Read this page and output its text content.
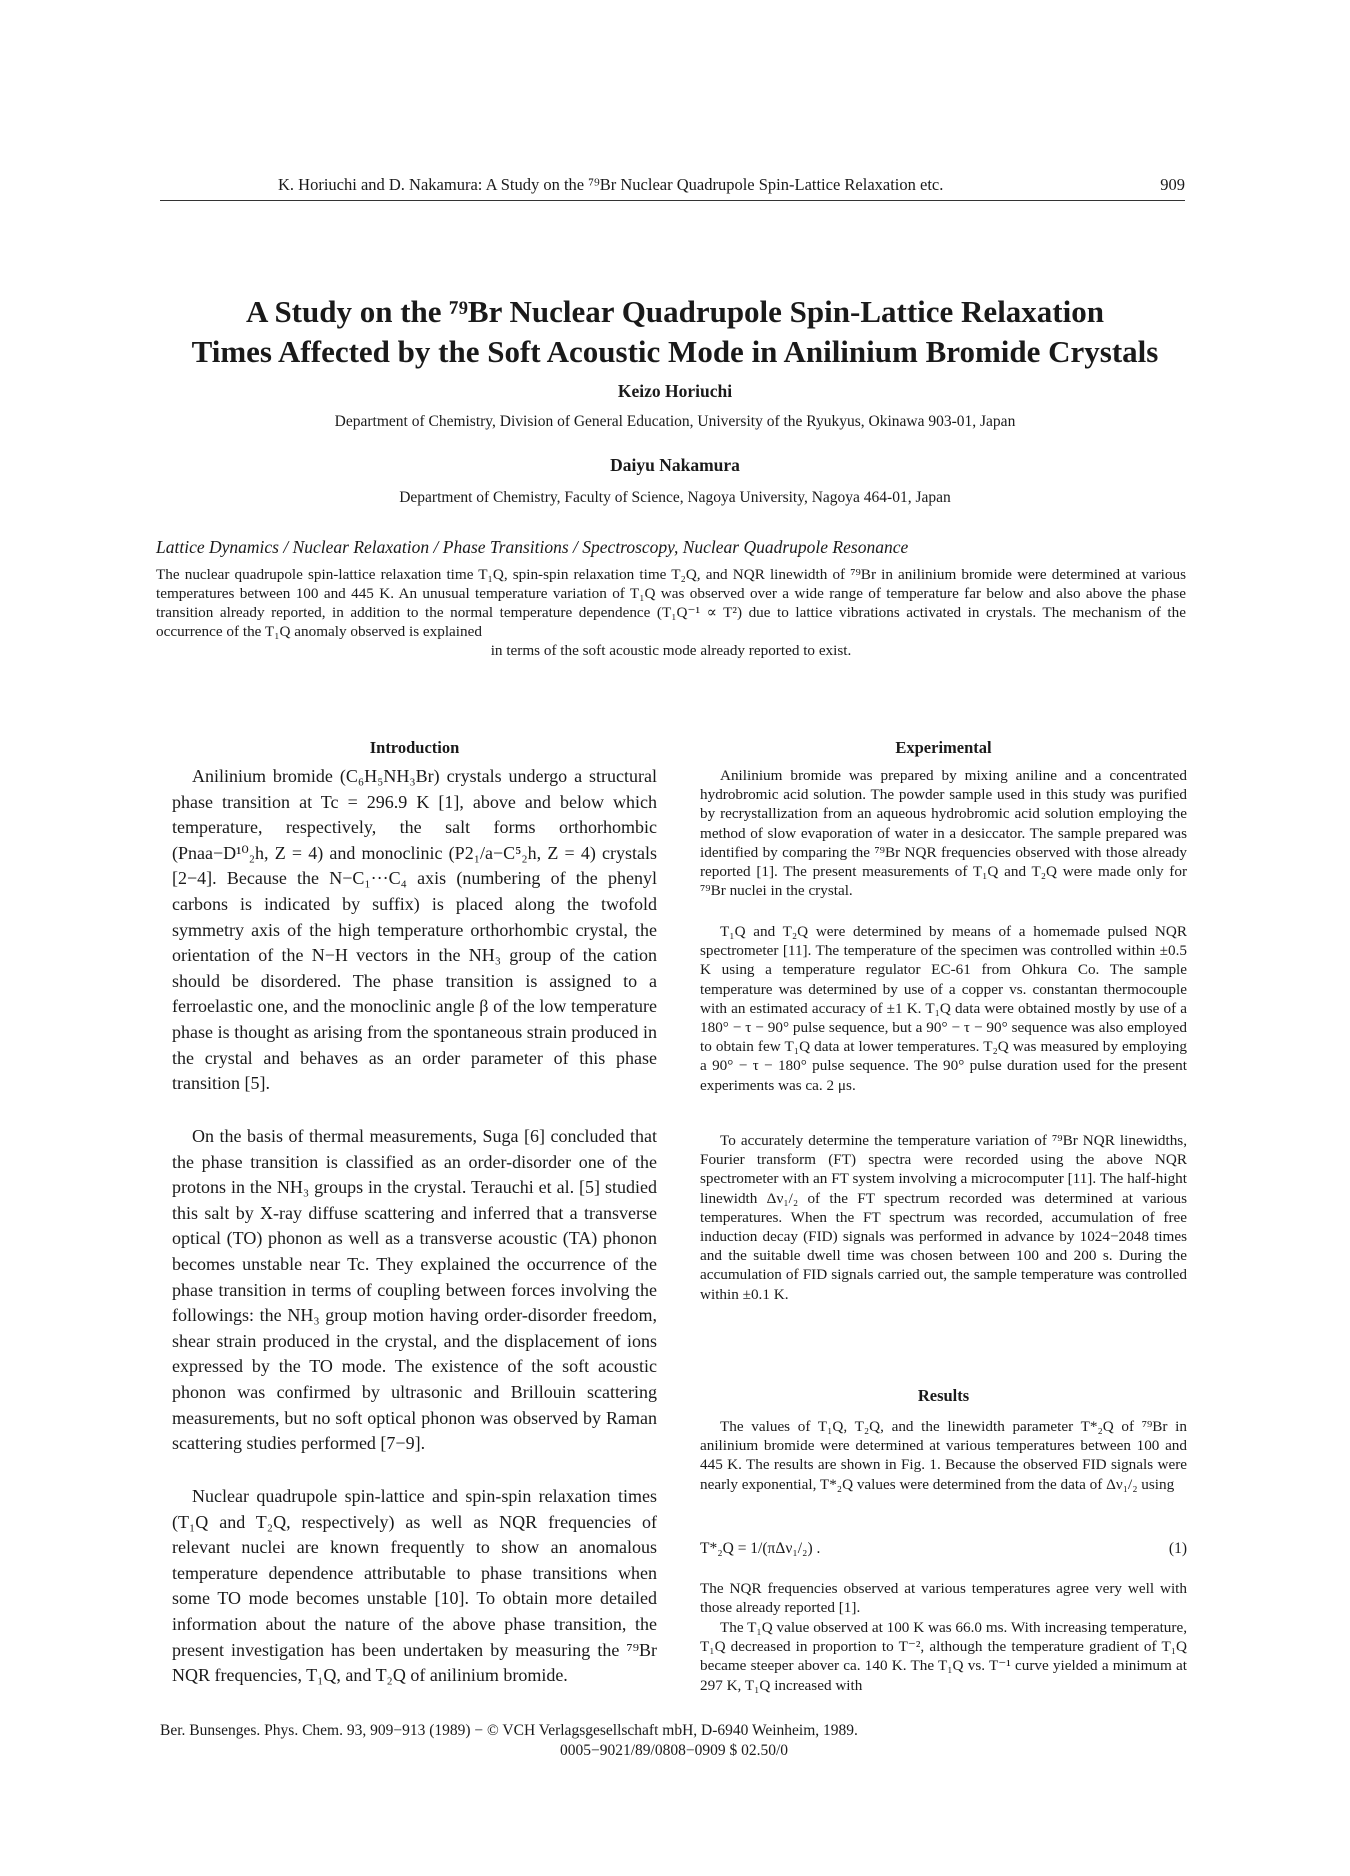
K. Horiuchi and D. Nakamura: A Study on the ⁷⁹Br Nuclear Quadrupole Spin-Lattice Relaxation etc.	909
A Study on the ⁷⁹Br Nuclear Quadrupole Spin-Lattice Relaxation
Times Affected by the Soft Acoustic Mode in Anilinium Bromide Crystals
Keizo Horiuchi
Department of Chemistry, Division of General Education, University of the Ryukyus, Okinawa 903-01, Japan
Daiyu Nakamura
Department of Chemistry, Faculty of Science, Nagoya University, Nagoya 464-01, Japan
Lattice Dynamics / Nuclear Relaxation / Phase Transitions / Spectroscopy, Nuclear Quadrupole Resonance
The nuclear quadrupole spin-lattice relaxation time T₁Q, spin-spin relaxation time T₂Q, and NQR linewidth of ⁷⁹Br in anilinium bromide were determined at various temperatures between 100 and 445 K. An unusual temperature variation of T₁Q was observed over a wide range of temperature far below and also above the phase transition already reported, in addition to the normal temperature dependence (T₁Q⁻¹ ∝ T²) due to lattice vibrations activated in crystals. The mechanism of the occurrence of the T₁Q anomaly observed is explained
in terms of the soft acoustic mode already reported to exist.
Introduction

Anilinium bromide (C₆H₅NH₃Br) crystals undergo a structural phase transition at Tc = 296.9 K [1], above and below which temperature, respectively, the salt forms orthorhombic (Pnaa−D¹⁰₂h, Z = 4) and monoclinic (P2₁/a−C⁵₂h, Z = 4) crystals [2−4]. Because the N−C₁···C₄ axis (numbering of the phenyl carbons is indicated by suffix) is placed along the twofold symmetry axis of the high temperature orthorhombic crystal, the orientation of the N−H vectors in the NH₃ group of the cation should be disordered. The phase transition is assigned to a ferroelastic one, and the monoclinic angle β of the low temperature phase is thought as arising from the spontaneous strain produced in the crystal and behaves as an order parameter of this phase transition [5].

On the basis of thermal measurements, Suga [6] concluded that the phase transition is classified as an order-disorder one of the protons in the NH₃ groups in the crystal. Terauchi et al. [5] studied this salt by X-ray diffuse scattering and inferred that a transverse optical (TO) phonon as well as a transverse acoustic (TA) phonon becomes unstable near Tc. They explained the occurrence of the phase transition in terms of coupling between forces involving the followings: the NH₃ group motion having order-disorder freedom, shear strain produced in the crystal, and the displacement of ions expressed by the TO mode. The existence of the soft acoustic phonon was confirmed by ultrasonic and Brillouin scattering measurements, but no soft optical phonon was observed by Raman scattering studies performed [7−9].

Nuclear quadrupole spin-lattice and spin-spin relaxation times (T₁Q and T₂Q, respectively) as well as NQR frequencies of relevant nuclei are known frequently to show an anomalous temperature dependence attributable to phase transitions when some TO mode becomes unstable [10]. To obtain more detailed information about the nature of the above phase transition, the present investigation has been undertaken by measuring the ⁷⁹Br NQR frequencies, T₁Q, and T₂Q of anilinium bromide.

Experimental

Anilinium bromide was prepared by mixing aniline and a concentrated hydrobromic acid solution. The powder sample used in this study was purified by recrystallization from an aqueous hydrobromic acid solution employing the method of slow evaporation of water in a desiccator. The sample prepared was identified by comparing the ⁷⁹Br NQR frequencies observed with those already reported [1]. The present measurements of T₁Q and T₂Q were made only for ⁷⁹Br nuclei in the crystal.

T₁Q and T₂Q were determined by means of a homemade pulsed NQR spectrometer [11]. The temperature of the specimen was controlled within ±0.5 K using a temperature regulator EC-61 from Ohkura Co. The sample temperature was determined by use of a copper vs. constantan thermocouple with an estimated accuracy of ±1 K. T₁Q data were obtained mostly by use of a 180° − τ − 90° pulse sequence, but a 90° − τ − 90° sequence was also employed to obtain few T₁Q data at lower temperatures. T₂Q was measured by employing a 90° − τ − 180° pulse sequence. The 90° pulse duration used for the present experiments was ca. 2 μs.

To accurately determine the temperature variation of ⁷⁹Br NQR linewidths, Fourier transform (FT) spectra were recorded using the above NQR spectrometer with an FT system involving a microcomputer [11]. The half-hight linewidth Δν₁/₂ of the FT spectrum recorded was determined at various temperatures. When the FT spectrum was recorded, accumulation of free induction decay (FID) signals was performed in advance by 1024−2048 times and the suitable dwell time was chosen between 100 and 200 s. During the accumulation of FID signals carried out, the sample temperature was controlled within ±0.1 K.

Results

The values of T₁Q, T₂Q, and the linewidth parameter T*₂Q of ⁷⁹Br in anilinium bromide were determined at various temperatures between 100 and 445 K. The results are shown in Fig. 1. Because the observed FID signals were nearly exponential, T*₂Q values were determined from the data of Δν₁/₂ using

T*₂Q = 1/(πΔν₁/₂) .	(1)

The NQR frequencies observed at various temperatures agree very well with those already reported [1].

The T₁Q value observed at 100 K was 66.0 ms. With increasing temperature, T₁Q decreased in proportion to T⁻², although the temperature gradient of T₁Q became steeper abover ca. 140 K. The T₁Q vs. T⁻¹ curve yielded a minimum at 297 K, T₁Q increased with

Ber. Bunsenges. Phys. Chem. 93, 909−913 (1989) − © VCH Verlagsgesellschaft mbH, D-6940 Weinheim, 1989.
0005−9021/89/0808−0909 $ 02.50/0
